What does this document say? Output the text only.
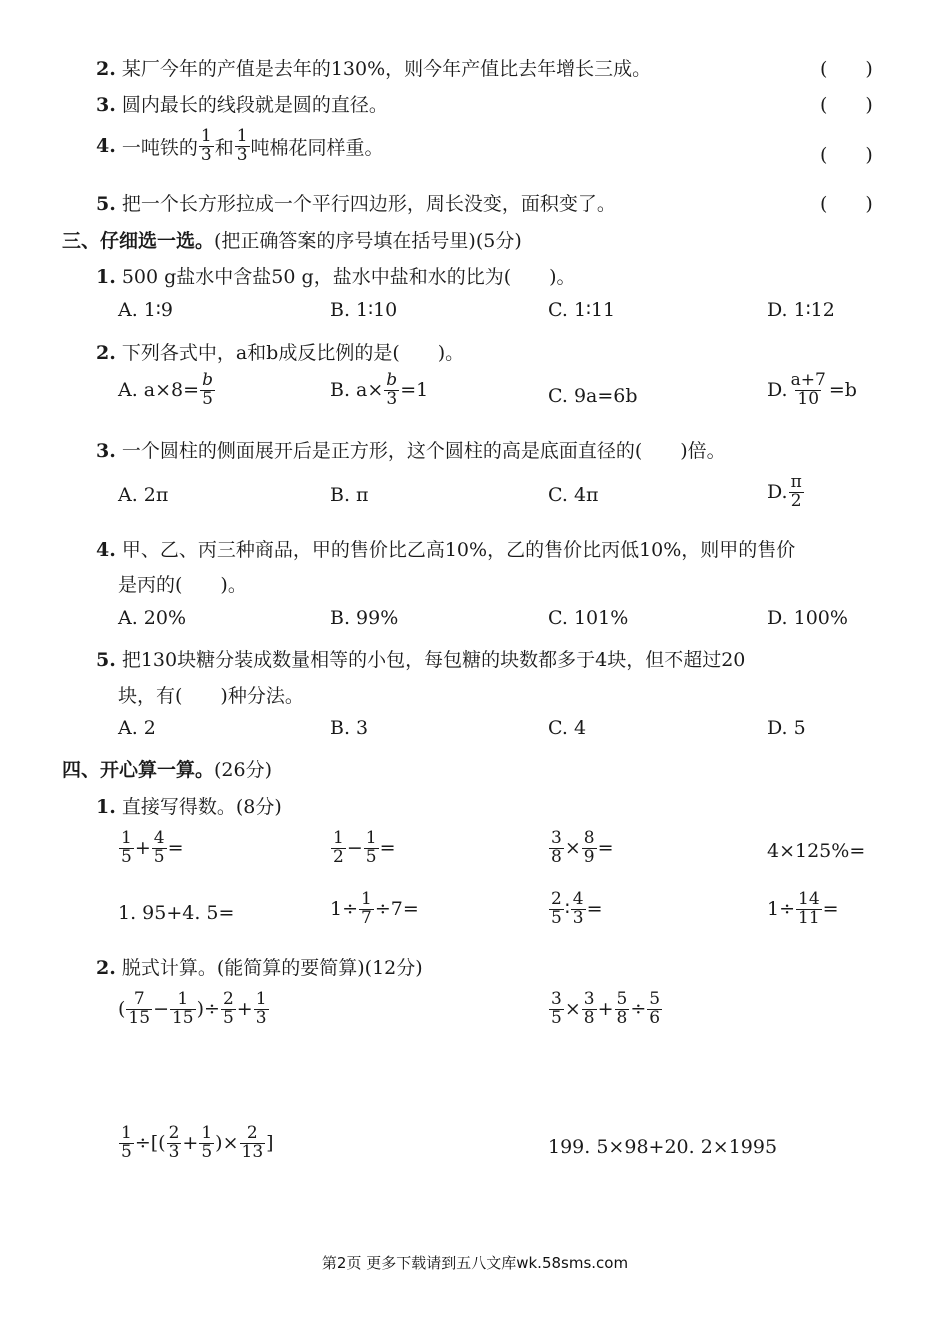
2. 某厂今年的产值是去年的130%，则今年产值比去年增长三成。	(　　)
3. 圆内最长的线段就是圆的直径。	(　　)
4. 一吨铁的 $\frac{1}{3}$ 和 $\frac{1}{3}$ 吨棉花同样重。	(　　)
5. 把一个长方形拉成一个平行四边形，周长没变，面积变了。	(　　)
三、仔细选一选。(把正确答案的序号填在括号里)(5分)
1. 500 g盐水中含盐50 g，盐水中盐和水的比为(　　)。
A. 1∶9	B. 1∶10	C. 1∶11	D. 1∶12
2. 下列各式中，a和b成反比例的是(　　)。
A. $a\times 8= \frac{b}{5}$	B. $a\times \frac{b}{3} =1$	C. 9a=6b	D. $\frac{a+7}{10} =b$
3. 一个圆柱的侧面展开后是正方形，这个圆柱的高是底面直径的(　　)倍。
A. 2π	B. π	C. 4π	D. $\frac{\pi}{2}$
4. 甲、乙、丙三种商品，甲的售价比乙高10%，乙的售价比丙低10%，则甲的售价
是丙的(　　)。
A. 20%	B. 99%	C. 101%	D. 100%
5. 把130块糖分装成数量相等的小包，每包糖的块数都多于4块，但不超过20
块，有(　　)种分法。
A. 2	B. 3	C. 4	D. 5
四、开心算一算。(26分)
1. 直接写得数。(8分)
$\frac{1}{5} + \frac{4}{5}$ =	$\frac{1}{2} - \frac{1}{5}$ =	$\frac{3}{8} \times \frac{8}{9}$ =	4×125%=
1. 95+4. 5=	$1\div \frac{1}{7} \div 7=$	$\frac{2}{5}$ ∶ $\frac{4}{3}$ =	$1\div \frac{14}{11}$ =
2. 脱式计算。(能简算的要简算)(12分)
( $\frac{7}{15} - \frac{1}{15}$ )÷ $\frac{2}{5} + \frac{1}{3}$	$\frac{3}{5} \times \frac{3}{8} + \frac{5}{8} \div \frac{5}{6}$
$\frac{1}{5}$ ÷[( $\frac{2}{3} + \frac{1}{5}$ )× $\frac{2}{13}$ ]	199. 5×98+20. 2×1995
第2页 更多下载请到五八文库wk.58sms.com
